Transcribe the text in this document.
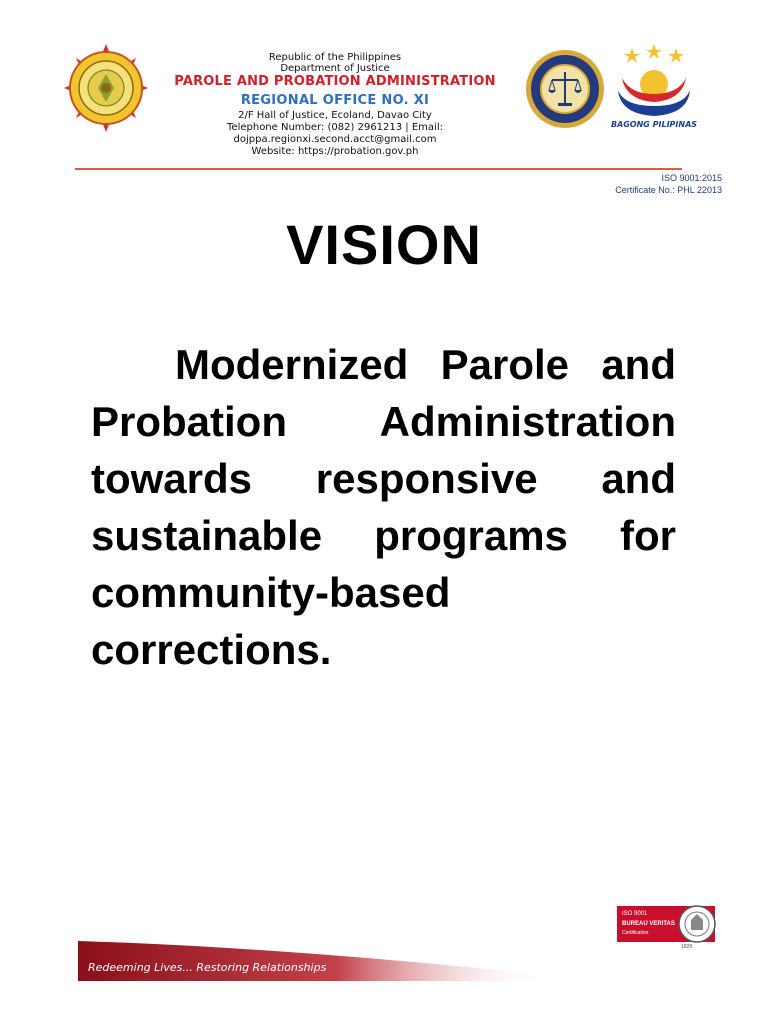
Republic of the Philippines
Department of Justice
PAROLE AND PROBATION ADMINISTRATION
REGIONAL OFFICE NO. XI
2/F Hall of Justice, Ecoland, Davao City
Telephone Number: (082) 2961213 | Email:
dojppa.regionxi.second.acct@gmail.com
Website: https://probation.gov.ph
BAGONG PILIPINAS
ISO 9001:2015
Certificate No.: PHL 22013
VISION
Modernized Parole and Probation Administration towards responsive and sustainable programs for community-based corrections.
Redeeming Lives... Restoring Relationships
ISO 9001
BUREAU VERITAS
Certification
1828
